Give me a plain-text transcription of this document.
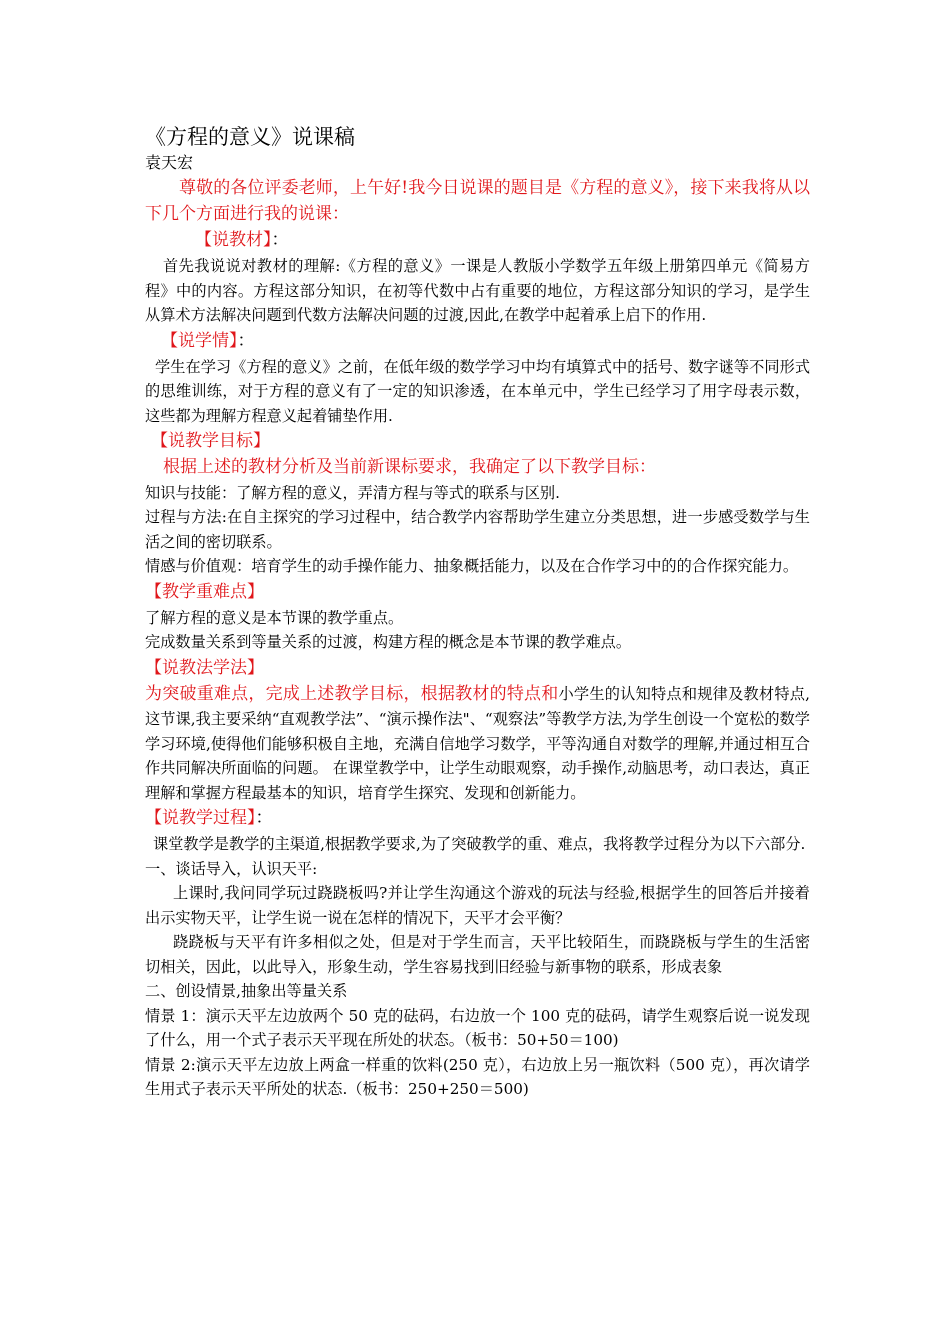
《方程的意义》说课稿

袁天宏

尊敬的各位评委老师，上午好!我今日说课的题目是《方程的意义》，接下来我将从以下几个方面进行我的说课：

【说教材】：

首先我说说对教材的理解:《方程的意义》一课是人教版小学数学五年级上册第四单元《简易方程》中的内容。方程这部分知识，在初等代数中占有重要的地位，方程这部分知识的学习，是学生从算术方法解决问题到代数方法解决问题的过渡,因此,在教学中起着承上启下的作用.

【说学情】：

学生在学习《方程的意义》之前，在低年级的数学学习中均有填算式中的括号、数字谜等不同形式的思维训练，对于方程的意义有了一定的知识渗透，在本单元中，学生已经学习了用字母表示数，这些都为理解方程意义起着铺垫作用.

【说教学目标】

根据上述的教材分析及当前新课标要求，我确定了以下教学目标：

知识与技能：了解方程的意义，弄清方程与等式的联系与区别.

过程与方法:在自主探究的学习过程中，结合教学内容帮助学生建立分类思想，进一步感受数学与生活之间的密切联系。

情感与价值观：培育学生的动手操作能力、抽象概括能力，以及在合作学习中的的合作探究能力。

【教学重难点】

了解方程的意义是本节课的教学重点。

完成数量关系到等量关系的过渡，构建方程的概念是本节课的教学难点。

【说教法学法】

为突破重难点，完成上述教学目标，根据教材的特点和小学生的认知特点和规律及教材特点,这节课,我主要采纳“直观教学法”、“演示操作法"、“观察法”等教学方法,为学生创设一个宽松的数学学习环境,使得他们能够积极自主地，充满自信地学习数学，平等沟通自对数学的理解,并通过相互合作共同解决所面临的问题。 在课堂教学中，让学生动眼观察，动手操作,动脑思考，动口表达，真正理解和掌握方程最基本的知识，培育学生探究、发现和创新能力。

【说教学过程】：

课堂教学是教学的主渠道,根据教学要求,为了突破教学的重、难点，我将教学过程分为以下六部分.

一、谈话导入，认识天平:

上课时,我问同学玩过跷跷板吗?并让学生沟通这个游戏的玩法与经验,根据学生的回答后并接着出示实物天平，让学生说一说在怎样的情况下，天平才会平衡？

跷跷板与天平有许多相似之处，但是对于学生而言，天平比较陌生，而跷跷板与学生的生活密切相关，因此，以此导入，形象生动，学生容易找到旧经验与新事物的联系，形成表象

二、创设情景,抽象出等量关系

情景 1：演示天平左边放两个 50 克的砝码，右边放一个 100 克的砝码，请学生观察后说一说发现了什么，用一个式子表示天平现在所处的状态。（板书：50+50＝100)

情景 2:演示天平左边放上两盒一样重的饮料(250 克），右边放上另一瓶饮料（500 克），再次请学生用式子表示天平所处的状态.（板书：250+250＝500)
